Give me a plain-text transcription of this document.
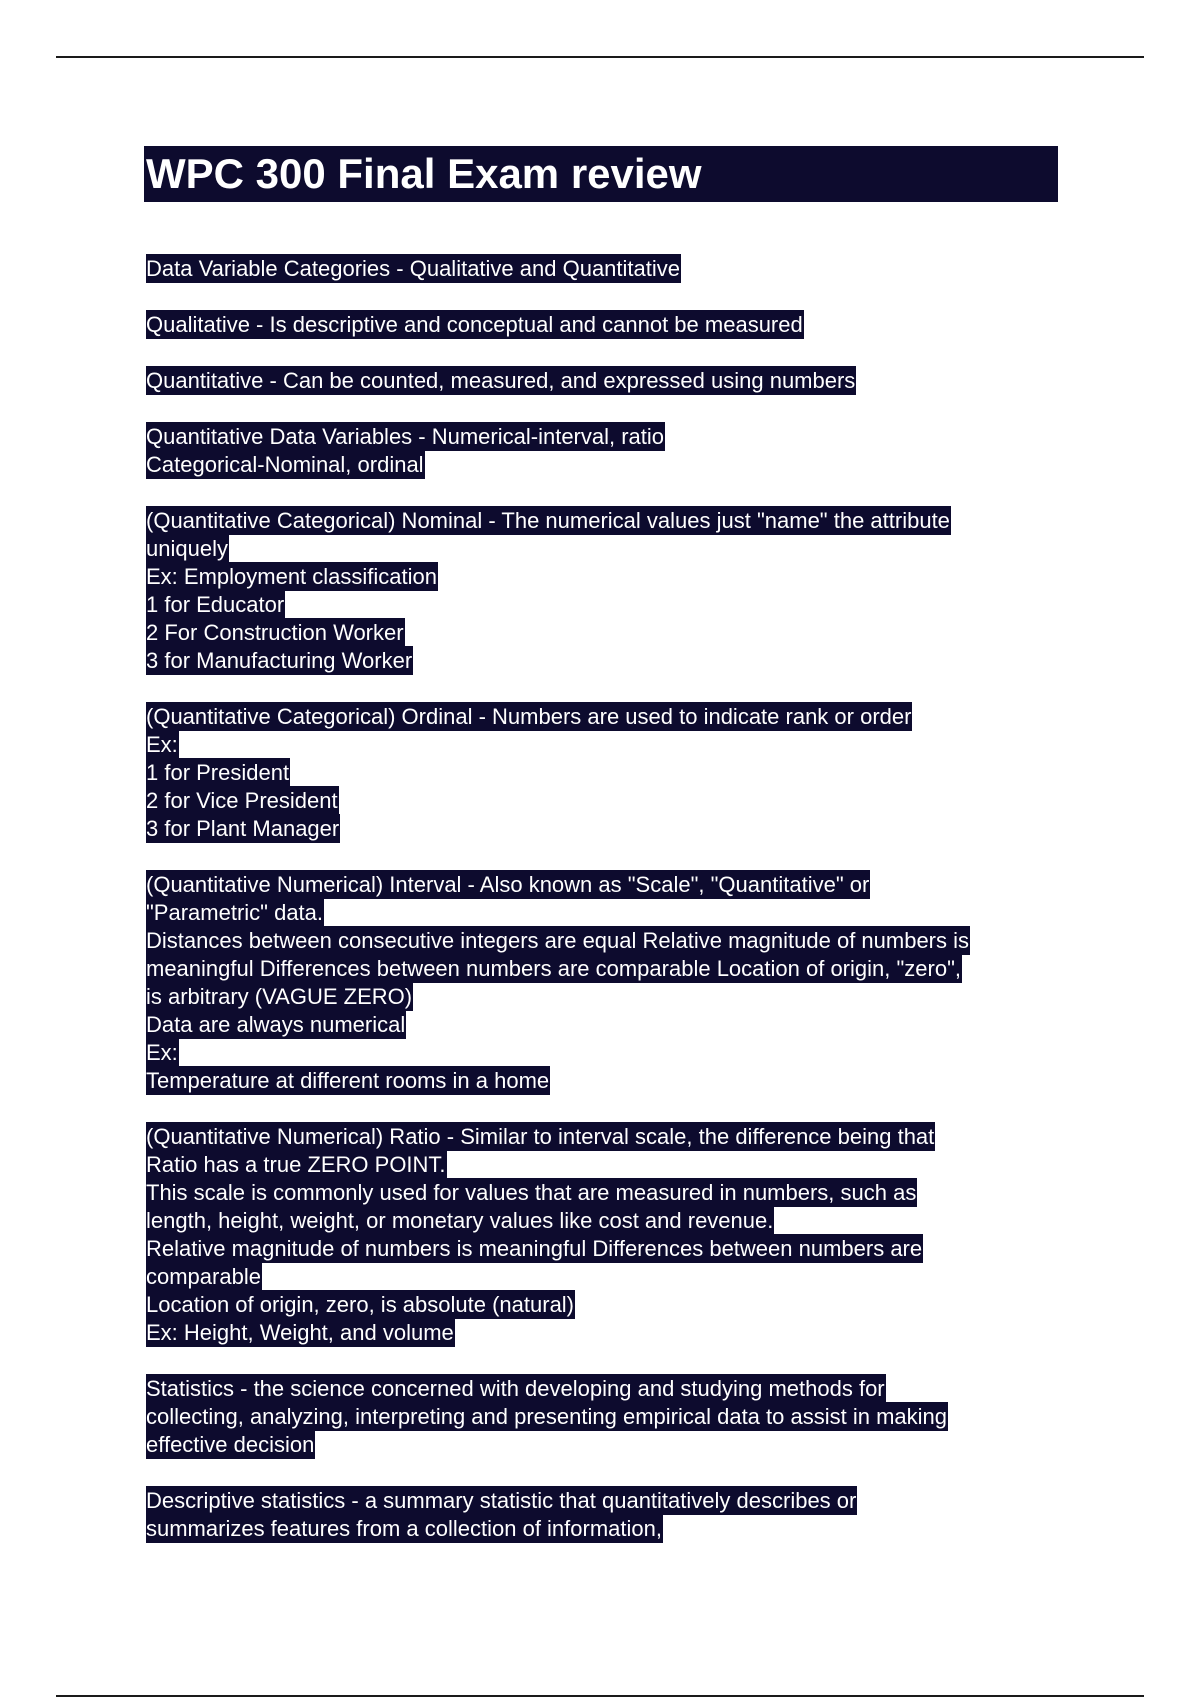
WPC 300 Final Exam review
Data Variable Categories - Qualitative and Quantitative
Qualitative - Is descriptive and conceptual and cannot be measured
Quantitative - Can be counted, measured, and expressed using numbers
Quantitative Data Variables - Numerical-interval, ratio
Categorical-Nominal, ordinal
(Quantitative Categorical) Nominal - The numerical values just "name" the attribute
uniquely
Ex: Employment classification
1 for Educator
2 For Construction Worker
3 for Manufacturing Worker
(Quantitative Categorical) Ordinal - Numbers are used to indicate rank or order
Ex:
1 for President
2 for Vice President
3 for Plant Manager
(Quantitative Numerical) Interval - Also known as "Scale", "Quantitative" or
"Parametric" data.
Distances between consecutive integers are equal Relative magnitude of numbers is
meaningful Differences between numbers are comparable Location of origin, "zero",
is arbitrary (VAGUE ZERO)
Data are always numerical
Ex:
Temperature at different rooms in a home
(Quantitative Numerical) Ratio - Similar to interval scale, the difference being that
Ratio has a true ZERO POINT.
This scale is commonly used for values that are measured in numbers, such as
length, height, weight, or monetary values like cost and revenue.
Relative magnitude of numbers is meaningful Differences between numbers are
comparable
Location of origin, zero, is absolute (natural)
Ex: Height, Weight, and volume
Statistics - the science concerned with developing and studying methods for
collecting, analyzing, interpreting and presenting empirical data to assist in making
effective decision
Descriptive statistics - a summary statistic that quantitatively describes or
summarizes features from a collection of information,
